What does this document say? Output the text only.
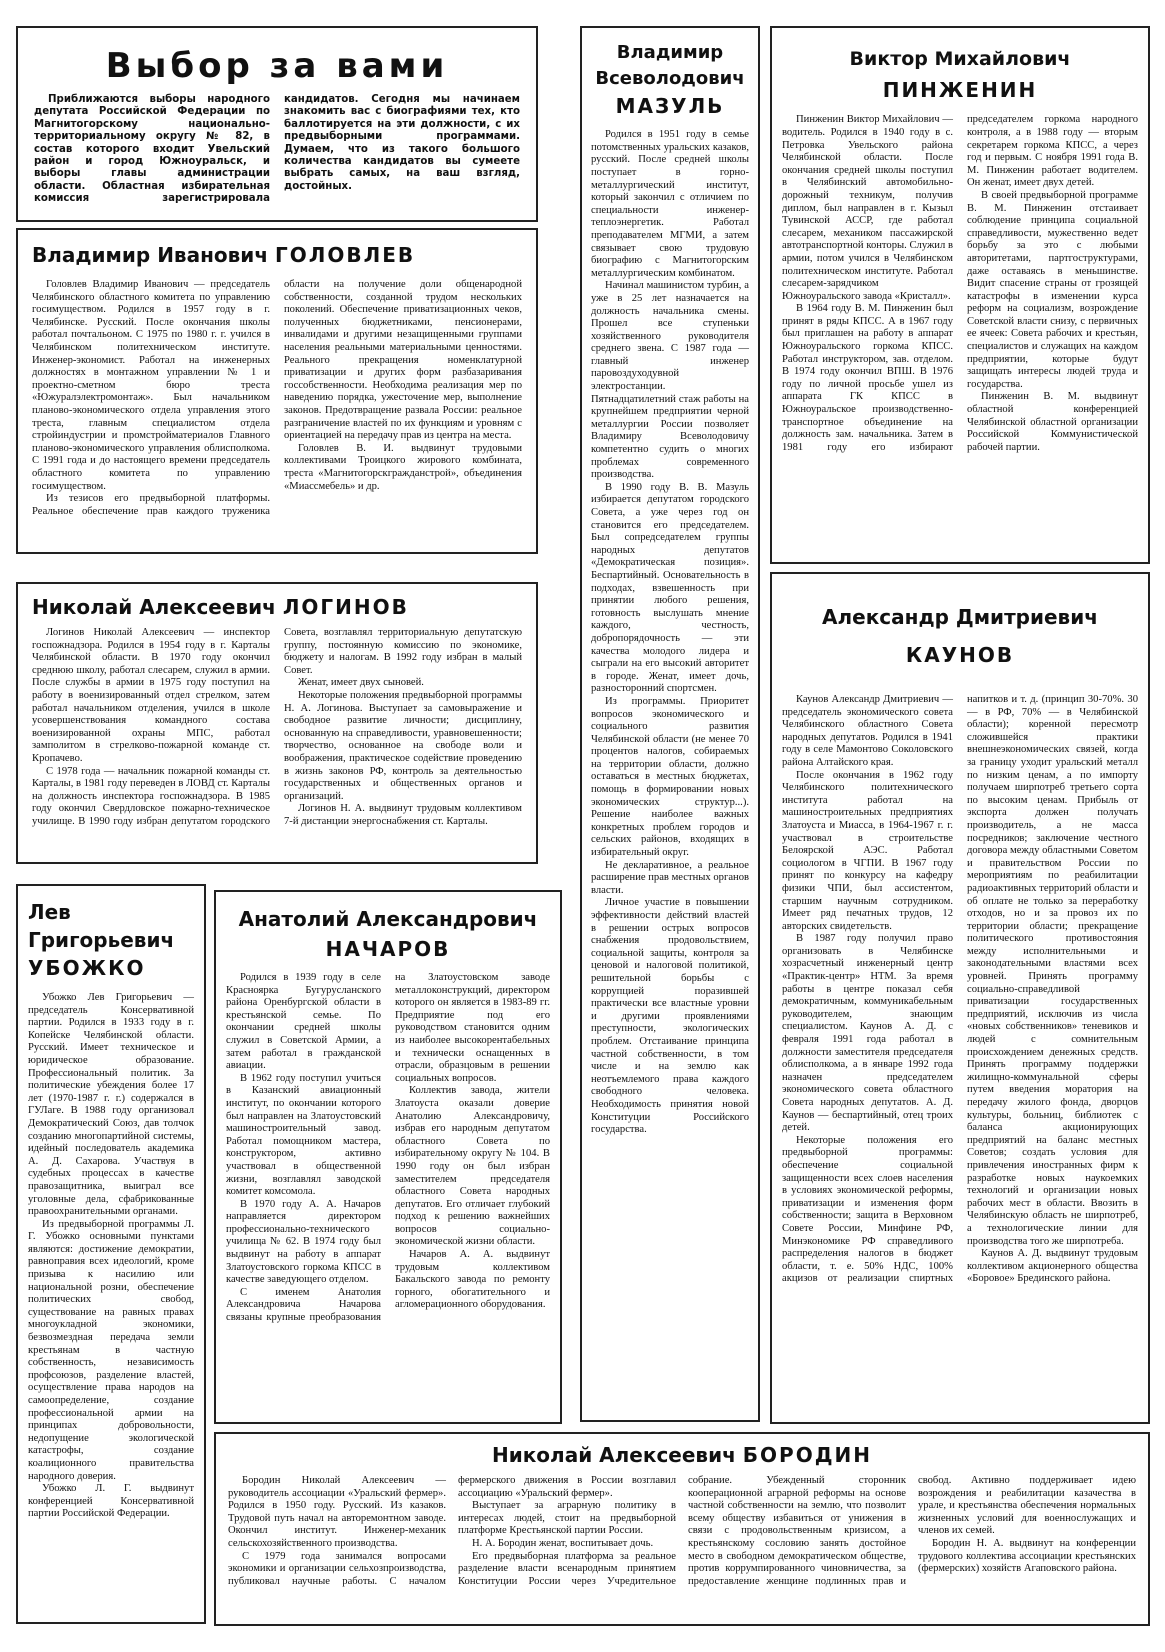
Выбор за вами

Приближаются выборы народного депутата Российской Федерации по Магнитогорскому национально-территориальному округу № 82, в состав которого входит Увельский район и город Южноуральск, и выборы главы администрации области. Областная избирательная комиссия зарегистрировала кандидатов. Сегодня мы начинаем знакомить вас с биографиями тех, кто баллотируется на эти должности, с их предвыборными программами. Думаем, что из такого большого количества кандидатов вы сумеете выбрать самых, на ваш взгляд, достойных.

Владимир Иванович ГОЛОВЛЕВ

Головлев Владимир Иванович — председатель Челябинского областного комитета по управлению госимуществом. Родился в 1957 году в г. Челябинске. Русский. После окончания школы работал почтальоном. С 1975 по 1980 г. г. учился в Челябинском политехническом институте. Инженер-экономист. Работал на инженерных должностях в монтажном управлении № 1 и проектно-сметном бюро треста «Южуралэлектромонтаж». Был начальником планово-экономического отдела управления этого треста, главным специалистом отдела стройиндустрии и промстройматериалов Главного планово-экономического управления облисполкома. С 1991 года и до настоящего времени председатель областного комитета по управлению госимуществом.

Из тезисов его предвыборной платформы. Реальное обеспечение прав каждого труженика области на получение доли общенародной собственности, созданной трудом нескольких поколений. Обеспечение приватизационных чеков, полученных бюджетниками, пенсионерами, инвалидами и другими незащищенными группами населения реальными материальными ценностями. Реального прекращения номенклатурной приватизации и других форм разбазаривания госсобственности. Необходима реализация мер по наведению порядка, ужесточение мер, выполнение законов. Предотвращение развала России: реальное разграничение властей по их функциям и уровням с ориентацией на передачу прав из центра на места.

Головлев В. И. выдвинут трудовыми коллективами Троицкого жирового комбината, треста «Магнитогорскгражданстрой», объединения «Миассмебель» и др.

Николай Алексеевич ЛОГИНОВ

Логинов Николай Алексеевич — инспектор госпожнадзора. Родился в 1954 году в г. Карталы Челябинской области. В 1970 году окончил среднюю школу, работал слесарем, служил в армии. После службы в армии в 1975 году поступил на работу в военизированный отдел стрелком, затем работал начальником отделения, учился в школе усовершенствования командного состава военизированной охраны МПС, работал замполитом в стрелково-пожарной команде ст. Кропачево.

С 1978 года — начальник пожарной команды ст. Карталы, в 1981 году переведен в ЛОВД ст. Карталы на должность инспектора госпожнадзора. В 1985 году окончил Свердловское пожарно-техническое училище. В 1990 году избран депутатом городского Совета, возглавлял территориальную депутатскую группу, постоянную комиссию по экономике, бюджету и налогам. В 1992 году избран в малый Совет.

Женат, имеет двух сыновей.

Некоторые положения предвыборной программы Н. А. Логинова. Выступает за самовыражение и свободное развитие личности; дисциплину, основанную на справедливости, уравновешенности; творчество, основанное на свободе воли и воображения, практическое содействие проведению в жизнь законов РФ, контроль за деятельностью государственных и общественных органов и организаций.

Логинов Н. А. выдвинут трудовым коллективом 7-й дистанции энергоснабжения ст. Карталы.

Лев
Григорьевич
УБОЖКО

Убожко Лев Григорьевич — председатель Консервативной партии. Родился в 1933 году в г. Копейске Челябинской области. Русский. Имеет техническое и юридическое образование. Профессиональный политик. За политические убеждения более 17 лет (1970-1987 г. г.) содержался в ГУЛаге. В 1988 году организовал Демократический Союз, дав толчок созданию многопартийной системы, идейный последователь академика А. Д. Сахарова. Участвуя в судебных процессах в качестве правозащитника, выиграл все уголовные дела, сфабрикованные правоохранительными органами.

Из предвыборной программы Л. Г. Убожко основными пунктами являются: достижение демократии, равноправия всех идеологий, кроме призыва к насилию или национальной розни, обеспечение политических свобод, существование на равных правах многоукладной экономики, безвозмездная передача земли крестьянам в частную собственность, независимость профсоюзов, разделение властей, осуществление права народов на самоопределение, создание профессиональной армии на принципах добровольности, недопущение экологической катастрофы, создание коалиционного правительства народного доверия.

Убожко Л. Г. выдвинут конференцией Консервативной партии Российской Федерации.

Анатолий Александрович
НАЧАРОВ

Родился в 1939 году в селе Красноярка Бугурусланского района Оренбургской области в крестьянской семье. По окончании средней школы служил в Советской Армии, а затем работал в гражданской авиации.

В 1962 году поступил учиться в Казанский авиационный институт, по окончании которого был направлен на Златоустовский машиностроительный завод. Работал помощником мастера, конструктором, активно участвовал в общественной жизни, возглавлял заводской комитет комсомола.

В 1970 году А. А. Начаров направляется директором профессионально-технического училища № 62. В 1974 году был выдвинут на работу в аппарат Златоустовского горкома КПСС в качестве заведующего отделом.

С именем Анатолия Александровича Начарова связаны крупные преобразования на Златоустовском заводе металлоконструкций, директором которого он является в 1983-89 гг. Предприятие под его руководством становится одним из наиболее высокорентабельных и технически оснащенных в отрасли, образцовым в решении социальных вопросов.

Коллектив завода, жители Златоуста оказали доверие Анатолию Александровичу, избрав его народным депутатом областного Совета по избирательному округу № 104. В 1990 году он был избран заместителем председателя областного Совета народных депутатов. Его отличает глубокий подход к решению важнейших вопросов социально-экономической жизни области.

Начаров А. А. выдвинут трудовым коллективом Бакальского завода по ремонту горного, обогатительного и агломерационного оборудования.

Владимир
Всеволодович
МАЗУЛЬ

Родился в 1951 году в семье потомственных уральских казаков, русский. После средней школы поступает в горно-металлургический институт, который закончил с отличием по специальности инженер-теплоэнергетик. Работал преподавателем МГМИ, а затем связывает свою трудовую биографию с Магнитогорским металлургическим комбинатом.

Начинал машинистом турбин, а уже в 25 лет назначается на должность начальника смены. Прошел все ступеньки хозяйственного руководителя среднего звена. С 1987 года — главный инженер паровоздуходувной электростанции. Пятнадцатилетний стаж работы на крупнейшем предприятии черной металлургии России позволяет Владимиру Всеволодовичу компетентно судить о многих проблемах современного производства.

В 1990 году В. В. Мазуль избирается депутатом городского Совета, а уже через год он становится его председателем. Был сопредседателем группы народных депутатов «Демократическая позиция». Беспартийный. Основательность в подходах, взвешенность при принятии любого решения, готовность выслушать мнение каждого, честность, добропорядочность — эти качества молодого лидера и сыграли на его высокий авторитет в городе. Женат, имеет дочь, разносторонний спортсмен.

Из программы. Приоритет вопросов экономического и социального развития Челябинской области (не менее 70 процентов налогов, собираемых на территории области, должно оставаться в местных бюджетах, помощь в формировании новых экономических структур...). Решение наиболее важных конкретных проблем городов и сельских районов, входящих в избирательный округ.

Не декларативное, а реальное расширение прав местных органов власти.

Личное участие в повышении эффективности действий властей в решении острых вопросов снабжения продовольствием, социальной защиты, контроля за ценовой и налоговой политикой, решительной борьбы с коррупцией поразившей практически все властные уровни и другими проявлениями преступности, экологических проблем. Отстаивание принципа частной собственности, в том числе и на землю как неотъемлемого права каждого свободного человека. Необходимость принятия новой Конституции Российского государства.

Виктор Михайлович
ПИНЖЕНИН

Пинженин Виктор Михайлович — водитель. Родился в 1940 году в с. Петровка Увельского района Челябинской области. После окончания средней школы поступил в Челябинский автомобильно-дорожный техникум, получив диплом, был направлен в г. Кызыл Тувинской АССР, где работал слесарем, механиком пассажирской автотранспортной конторы. Служил в армии, потом учился в Челябинском политехническом институте. Работал слесарем-зарядчиком Южноуральского завода «Кристалл».

В 1964 году В. М. Пинженин был принят в ряды КПСС. А в 1967 году был приглашен на работу в аппарат Южноуральского горкома КПСС. Работал инструктором, зав. отделом. В 1974 году окончил ВПШ. В 1976 году по личной просьбе ушел из аппарата ГК КПСС в Южноуральское производственно-транспортное объединение на должность зам. начальника. Затем в 1981 году его избирают председателем горкома народного контроля, а в 1988 году — вторым секретарем горкома КПСС, а через год и первым. С ноября 1991 года В. М. Пинженин работает водителем. Он женат, имеет двух детей.

В своей предвыборной программе В. М. Пинженин отстаивает соблюдение принципа социальной справедливости, мужественно ведет борьбу за это с любыми авторитетами, партгоструктурами, даже оставаясь в меньшинстве. Видит спасение страны от грозящей катастрофы в изменении курса реформ на социализм, возрождение Советской власти снизу, с первичных ее ячеек: Совета рабочих и крестьян, специалистов и служащих на каждом предприятии, которые будут защищать интересы людей труда и государства.

Пинженин В. М. выдвинут областной конференцией Челябинской областной организации Российской Коммунистической рабочей партии.

Александр Дмитриевич
КАУНОВ

Каунов Александр Дмитриевич — председатель экономического совета Челябинского областного Совета народных депутатов. Родился в 1941 году в селе Мамонтово Соколовского района Алтайского края.

После окончания в 1962 году Челябинского политехнического института работал на машиностроительных предприятиях Златоуста и Миасса, в 1964-1967 г. г. участвовал в строительстве Белоярской АЭС. Работал социологом в ЧГПИ. В 1967 году принят по конкурсу на кафедру физики ЧПИ, был ассистентом, старшим научным сотрудником. Имеет ряд печатных трудов, 12 авторских свидетельств.

В 1987 году получил право организовать в Челябинске хозрасчетный инженерный центр «Практик-центр» НТМ. За время работы в центре показал себя демократичным, коммуникабельным руководителем, знающим специалистом. Каунов А. Д. с февраля 1991 года работал в должности заместителя председателя облисполкома, а в январе 1992 года назначен председателем экономического совета областного Совета народных депутатов. А. Д. Каунов — беспартийный, отец троих детей.

Некоторые положения его предвыборной программы: обеспечение социальной защищенности всех слоев населения в условиях экономической реформы, приватизации и изменения форм собственности; защита в Верховном Совете России, Минфине РФ, Минэкономике РФ справедливого распределения налогов в бюджет области, т. е. 50% НДС, 100% акцизов от реализации спиртных напитков и т. д. (принцип 30-70%. 30 — в РФ, 70% — в Челябинской области); коренной пересмотр сложившейся практики внешнеэкономических связей, когда за границу уходит уральский металл по низким ценам, а по импорту получаем ширпотреб третьего сорта по высоким ценам. Прибыль от экспорта должен получать производитель, а не масса посредников; заключение честного договора между областными Советом и правительством России по мероприятиям по реабилитации радиоактивных территорий области и об оплате не только за переработку отходов, но и за провоз их по территории области; прекращение политического противостояния между исполнительными и законодательными властями всех уровней. Принять программу социально-справедливой приватизации государственных предприятий, исключив из числа «новых собственников» теневиков и людей с сомнительным происхождением денежных средств. Принять программу поддержки жилищно-коммунальной сферы путем введения моратория на передачу жилого фонда, дворцов культуры, больниц, библиотек с баланса акционирующих предприятий на баланс местных Советов; создать условия для привлечения иностранных фирм к разработке новых наукоемких технологий и организации новых рабочих мест в области. Ввозить в Челябинскую область не ширпотреб, а технологические линии для производства того же ширпотреба.

Каунов А. Д. выдвинут трудовым коллективом акционерного общества «Боровое» Брединского района.

Николай Алексеевич БОРОДИН

Бородин Николай Алексеевич — руководитель ассоциации «Уральский фермер». Родился в 1950 году. Русский. Из казаков. Трудовой путь начал на авторемонтном заводе. Окончил институт. Инженер-механик сельскохозяйственного производства.

С 1979 года занимался вопросами экономики и организации сельхозпроизводства, публиковал научные работы. С началом фермерского движения в России возглавил ассоциацию «Уральский фермер».

Выступает за аграрную политику в интересах людей, стоит на предвыборной платформе Крестьянской партии России.

Н. А. Бородин женат, воспитывает дочь.

Его предвыборная платформа за реальное разделение власти всенародным принятием Конституции России через Учредительное собрание. Убежденный сторонник кооперационной аграрной реформы на основе частной собственности на землю, что позволит всему обществу избавиться от унижения в связи с продовольственным кризисом, а крестьянскому сословию занять достойное место в свободном демократическом обществе, против коррумпированного чиновничества, за предоставление женщине подлинных прав и свобод. Активно поддерживает идею возрождения и реабилитации казачества в урале, и крестьянства обеспечения нормальных жизненных условий для военнослужащих и членов их семей.

Бородин Н. А. выдвинут на конференции трудового коллектива ассоциации крестьянских (фермерских) хозяйств Агаповского района.
